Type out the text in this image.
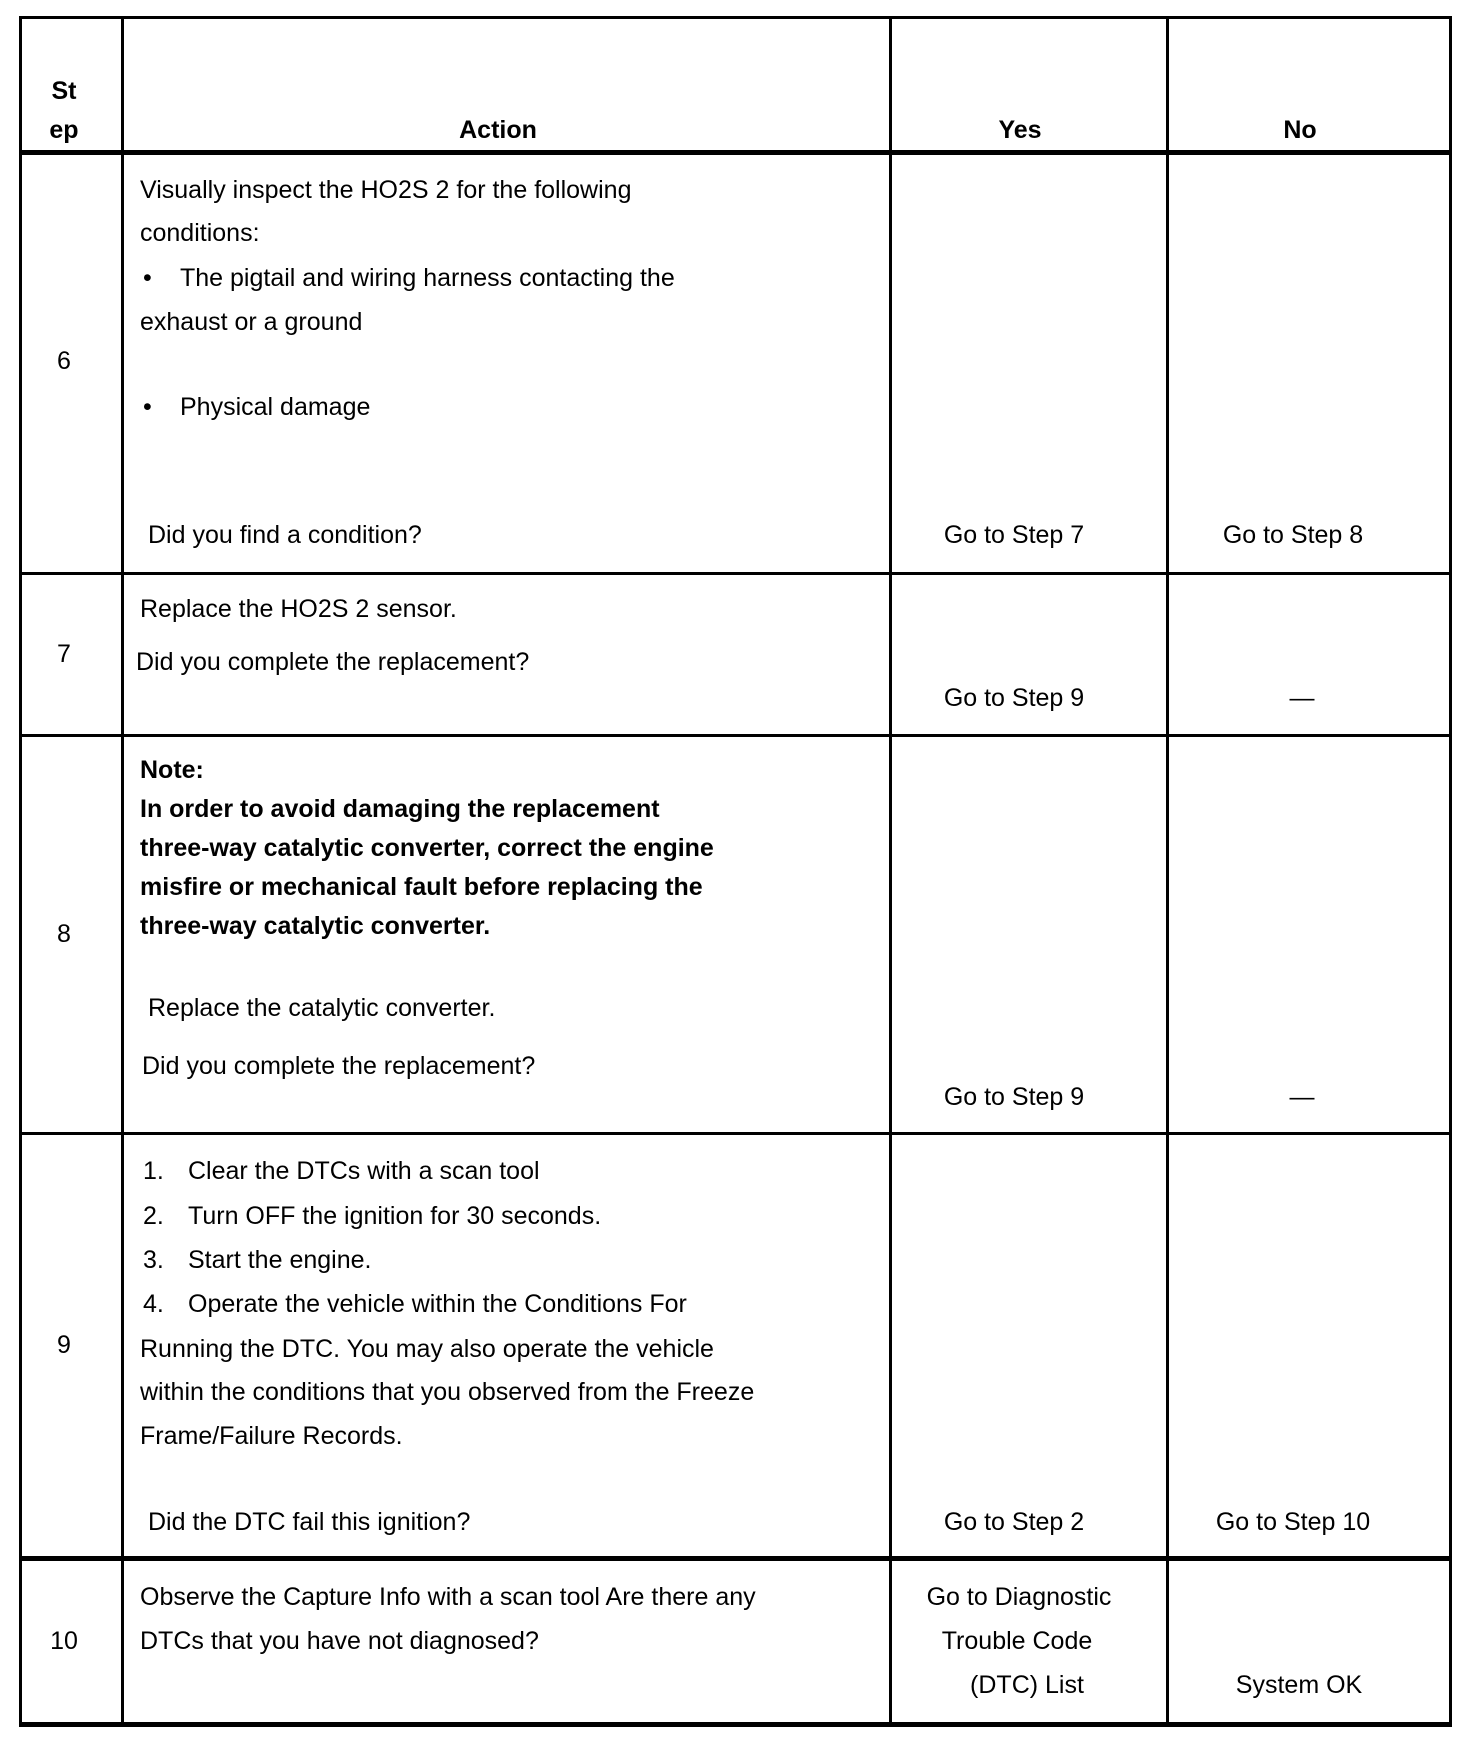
St
ep	Action	Yes	No
6
Visually inspect the HO2S 2 for the following
conditions:
• The pigtail and wiring harness contacting the
exhaust or a ground
• Physical damage
Did you find a condition?	Go to Step 7	Go to Step 8
7
Replace the HO2S 2 sensor.
Did you complete the replacement?
Go to Step 9	—
8
Note:
In order to avoid damaging the replacement
three-way catalytic converter, correct the engine
misfire or mechanical fault before replacing the
three-way catalytic converter.
Replace the catalytic converter.
Did you complete the replacement?
Go to Step 9	—
9
1. Clear the DTCs with a scan tool
2. Turn OFF the ignition for 30 seconds.
3. Start the engine.
4. Operate the vehicle within the Conditions For
Running the DTC. You may also operate the vehicle
within the conditions that you observed from the Freeze
Frame/Failure Records.
Did the DTC fail this ignition?	Go to Step 2	Go to Step 10
10
Observe the Capture Info with a scan tool Are there any
DTCs that you have not diagnosed?
Go to Diagnostic
Trouble Code
(DTC) List	System OK
